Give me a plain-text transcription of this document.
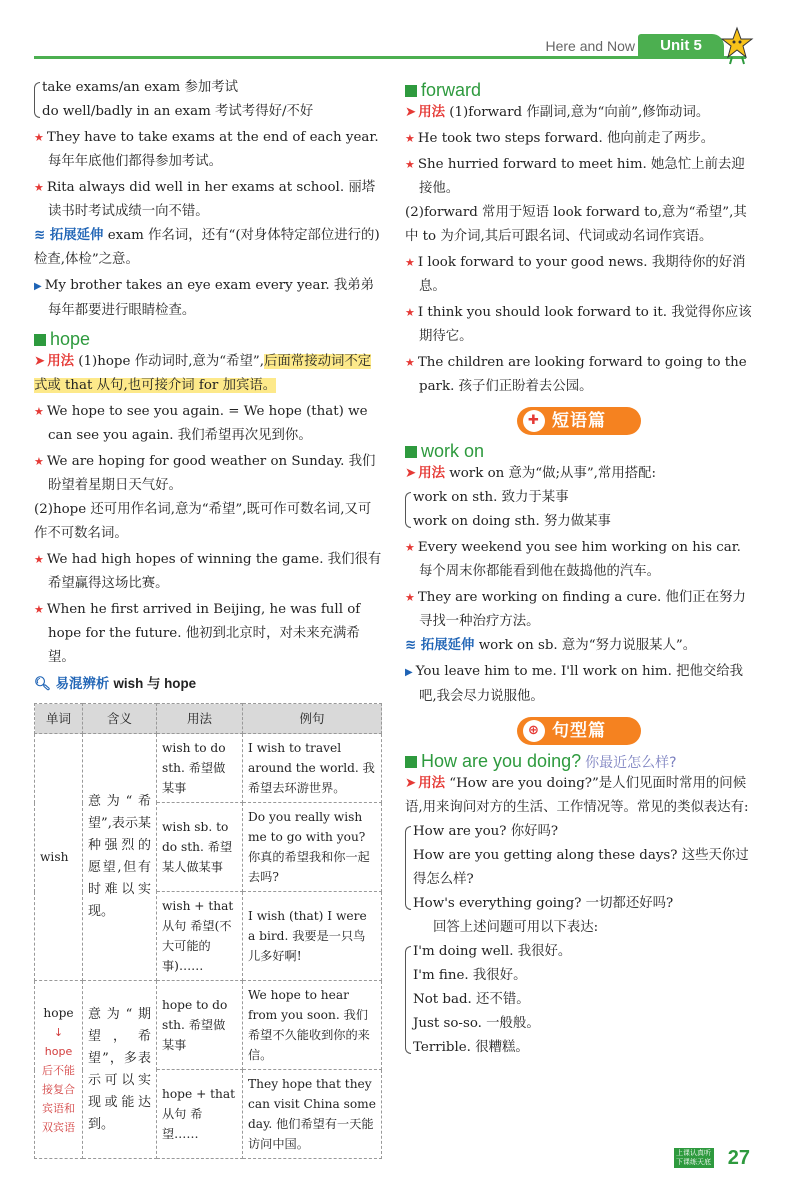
Here and Now	Unit 5

take exams/an exam 参加考试

do well/badly in an exam 考试考得好/不好

★ They have to take exams at the end of each year. 每年年底他们都得参加考试。

★ Rita always did well in her exams at school. 丽塔读书时考试成绩一向不错。

≋ 拓展延伸 exam 作名词，还有“(对身体特定部位进行的)检查,体检”之意。

▶ My brother takes an eye exam every year. 我弟弟每年都要进行眼睛检查。

hope

➤ 用法 (1)hope 作动词时,意为“希望”,后面常接动词不定式或 that 从句,也可接介词 for 加宾语。

★ We hope to see you again. = We hope (that) we can see you again. 我们希望再次见到你。

★ We are hoping for good weather on Sunday. 我们盼望着星期日天气好。

(2)hope 还可用作名词,意为“希望”,既可作可数名词,又可作不可数名词。

★ We had high hopes of winning the game. 我们很有希望赢得这场比赛。

★ When he first arrived in Beijing, he was full of hope for the future. 他初到北京时，对未来充满希望。

🔍︎ 易混辨析 wish 与 hope

单词	含义	用法	例句
wish	意为“希望”,表示某种强烈的愿望,但有时难以实现。	wish to do sth. 希望做某事	I wish to travel around the world. 我希望去环游世界。
		wish sb. to do sth. 希望某人做某事	Do you really wish me to go with you? 你真的希望我和你一起去吗?
		wish + that 从句 希望(不大可能的事)……	I wish (that) I were a bird. 我要是一只鸟儿多好啊!

hope
↓
hope 后不能接复合宾语和双宾语	意为“期望，希望”，多表示可以实现或能达到。	hope to do sth. 希望做某事	We hope to hear from you soon. 我们希望不久能收到你的来信。
		hope + that 从句 希望……	They hope that they can visit China some day. 他们希望有一天能访问中国。
forward

➤ 用法 (1)forward 作副词,意为“向前”,修饰动词。

★ He took two steps forward. 他向前走了两步。

★ She hurried forward to meet him. 她急忙上前去迎接他。

(2)forward 常用于短语 look forward to,意为“希望”,其中 to 为介词,其后可跟名词、代词或动名词作宾语。

★ I look forward to your good news. 我期待你的好消息。

★ I think you should look forward to it. 我觉得你应该期待它。

★ The children are looking forward to going to the park. 孩子们正盼着去公园。

✚ 短语篇
work on

➤ 用法 work on 意为“做;从事”,常用搭配:

work on sth. 致力于某事

work on doing sth. 努力做某事

★ Every weekend you see him working on his car. 每个周末你都能看到他在鼓捣他的汽车。

★ They are working on finding a cure. 他们正在努力寻找一种治疗方法。

≋ 拓展延伸 work on sb. 意为“努力说服某人”。

▶ You leave him to me. I'll work on him. 把他交给我吧,我会尽力说服他。

⊕ 句型篇
How are you doing? 你最近怎么样?

➤ 用法 “How are you doing?”是人们见面时常用的问候语,用来询问对方的生活、工作情况等。常见的类似表达有:

How are you? 你好吗?

How are you getting along these days? 这些天你过得怎么样?

How's everything going? 一切都还好吗?

回答上述问题可用以下表达:

I'm doing well. 我很好。

I'm fine. 我很好。

Not bad. 还不错。

Just so-so. 一般般。

Terrible. 很糟糕。

上课认真听 下课练天底 27
